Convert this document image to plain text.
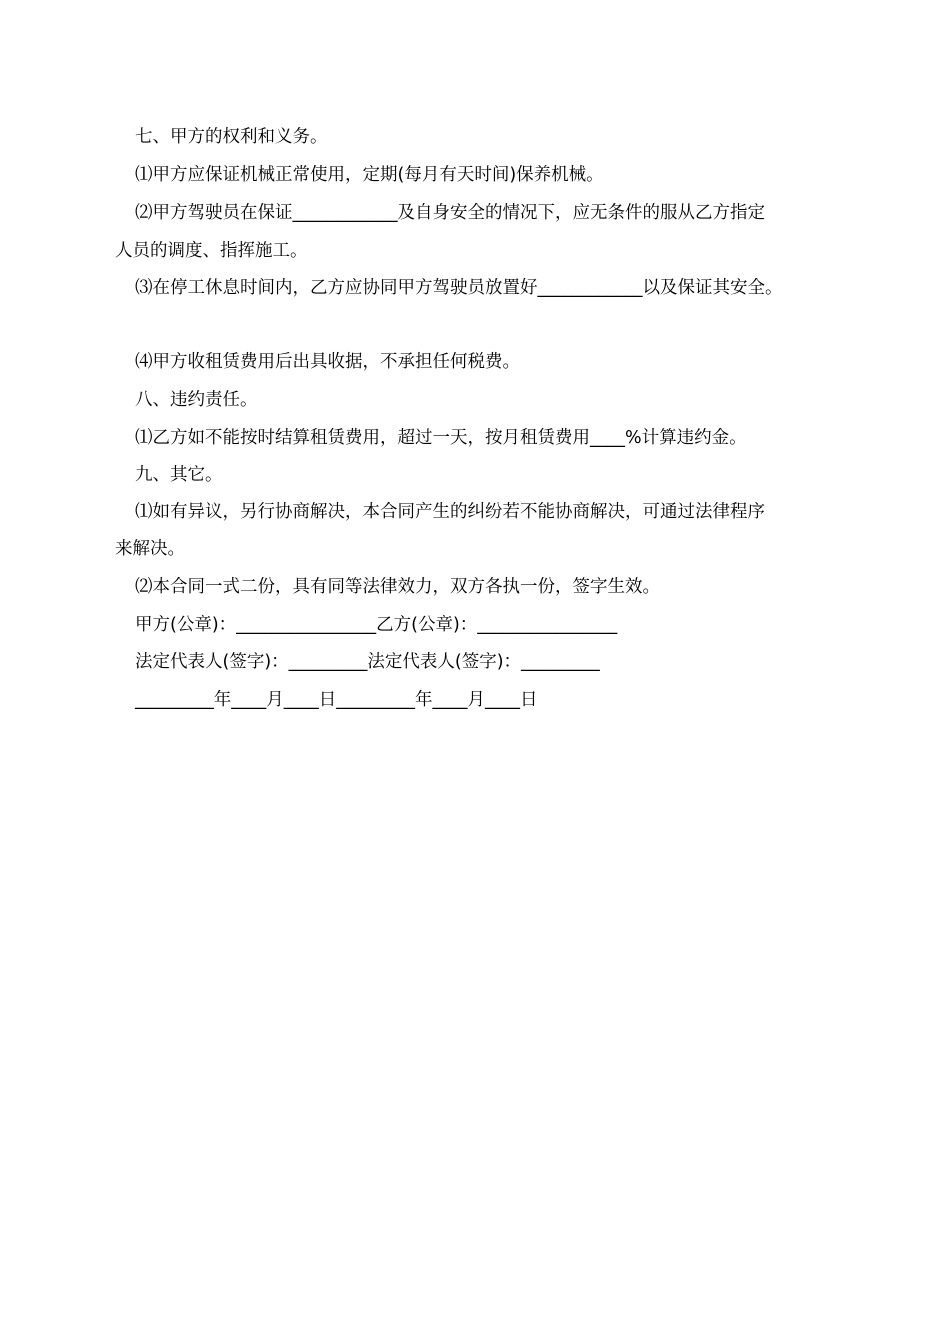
七、甲方的权利和义务。
⑴甲方应保证机械正常使用，定期(每月有天时间)保养机械。
⑵甲方驾驶员在保证____________及自身安全的情况下，应无条件的服从乙方指定
人员的调度、指挥施工。
⑶在停工休息时间内，乙方应协同甲方驾驶员放置好____________以及保证其安全。
⑷甲方收租赁费用后出具收据，不承担任何税费。
八、违约责任。
⑴乙方如不能按时结算租赁费用，超过一天，按月租赁费用____%计算违约金。
九、其它。
⑴如有异议，另行协商解决，本合同产生的纠纷若不能协商解决，可通过法律程序
来解决。
⑵本合同一式二份，具有同等法律效力，双方各执一份，签字生效。
甲方(公章)：________________乙方(公章)：________________
法定代表人(签字)：_________法定代表人(签字)：_________
_________年____月____日_________年____月____日
